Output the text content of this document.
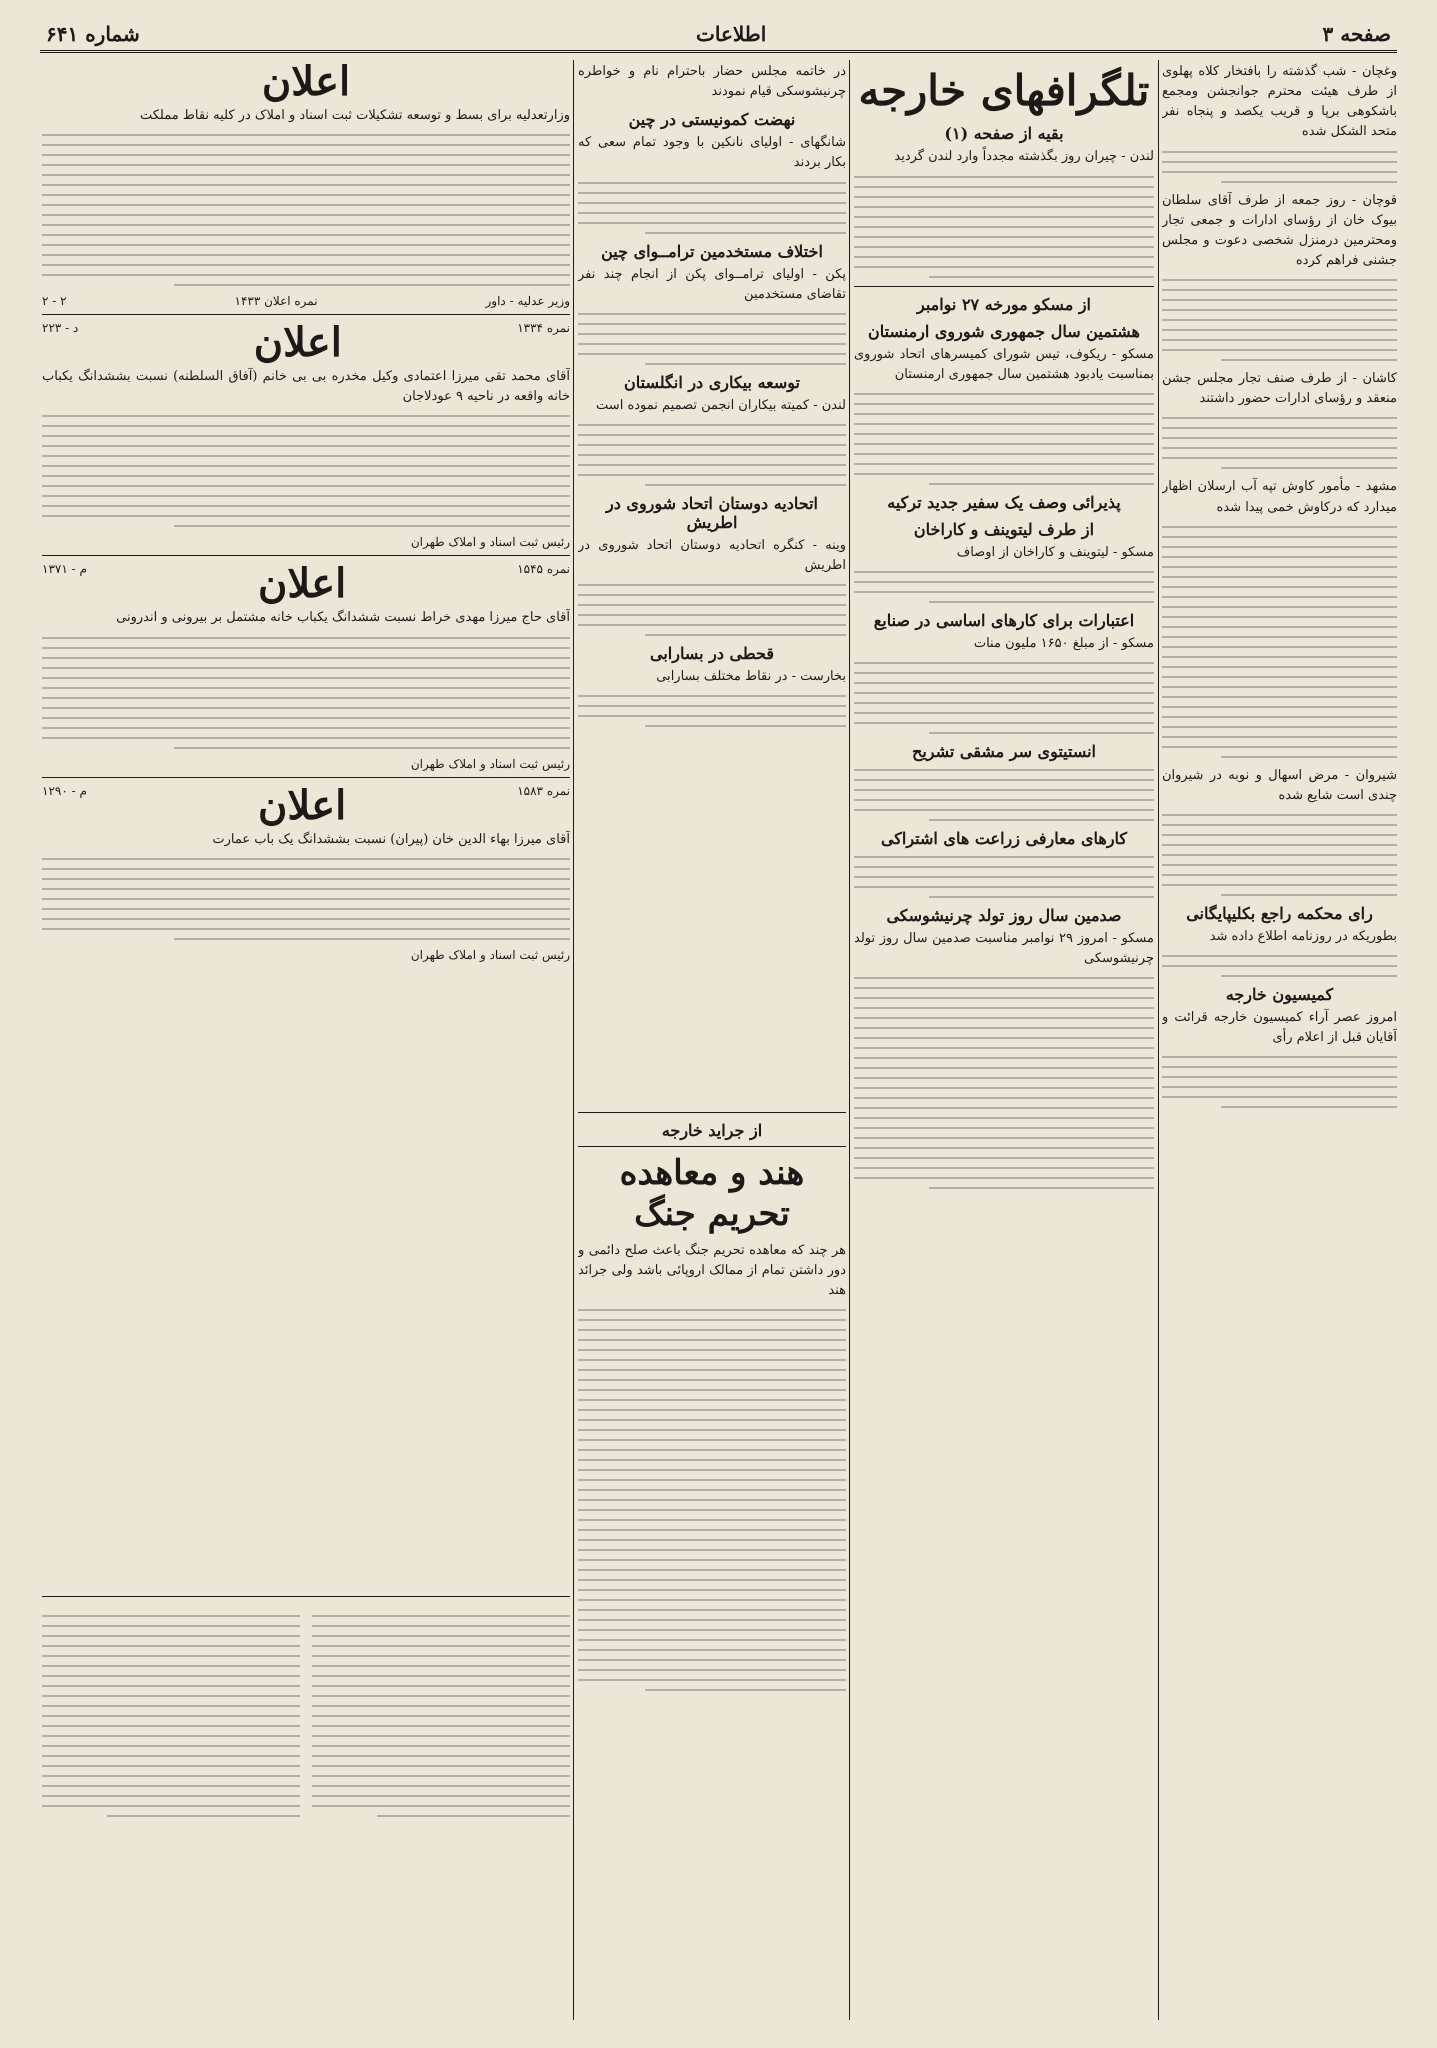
صفحه ۳
اطلاعات
شماره ۶۴۱

وغچان - شب گذشته را بافتخار کلاه پهلوی از طرف هیئت محترم جوانجشن ومجمع باشکوهی برپا و قریب یکصد و پنجاه نفر متحد الشکل شده

قوچان - روز جمعه از طرف آقای سلطان بیوک خان از رؤسای ادارات و جمعی تجار ومحترمین درمنزل شخصی دعوت و مجلس جشنی فراهم کرده

کاشان - از طرف صنف تجار مجلس جشن منعقد و رؤسای ادارات حضور داشتند

مشهد - مأمور کاوش تپه آب ارسلان اظهار میدارد که درکاوش خمی پیدا شده

شیروان - مرض اسهال و نوبه در شیروان چندی است شایع شده

رای محکمه راجع بکلیپایگانی

بطوریکه در روزنامه اطلاع داده شد

کمیسیون خارجه

امروز عصر آراء کمیسیون خارجه قرائت و آقایان قبل از اعلام رأی

تلگرافهای خارجه
بقیه از صفحه (۱)

لندن - چیران روز بگذشته مجدداً وارد لندن گردید

از مسکو مورخه ۲۷ نوامبر
هشتمین سال جمهوری شوروی ارمنستان

مسکو - ریکوف، تیس شورای کمیسرهای اتحاد شوروی بمناسبت یادبود هشتمین سال جمهوری ارمنستان

پذیرائی وصف یک سفیر جدید ترکیه
از طرف لیتوینف و کاراخان

مسکو - لیتوینف و کاراخان از اوصاف

اعتبارات برای کارهای اساسی در صنایع

مسکو - از مبلغ ۱۶۵۰ ملیون منات

انستیتوی سر مشقی تشریح
کارهای معارفی زراعت های اشتراکی
صدمین سال روز تولد چرنیشوسکی

مسکو - امروز ۲۹ نوامبر مناسبت صدمین سال روز تولد چرنیشوسکی

در خاتمه مجلس حضار باحترام نام و خواطره چرنیشوسکی قیام نمودند

نهضت کمونیستی در چین

شانگهای - اولیای نانکین با وجود تمام سعی که بکار بردند

اختلاف مستخدمین ترامــوای چین

پکن - اولیای ترامــوای پکن از انجام چند نفر تقاضای مستخدمین

توسعه بیکاری در انگلستان

لندن - کمیته بیکاران انجمن تصمیم نموده است

اتحادیه دوستان اتحاد شوروی در اطریش

وینه - کنگره اتحادیه دوستان اتحاد شوروی در اطریش

قحطی در بسارابی

بخارست - در نقاط مختلف بسارابی

از جراید خارجه
هند و معاهده تحریم جنگ

هر چند که معاهده تحریم جنگ باعث صلح دائمی و دور داشتن تمام از ممالک اروپائی باشد ولی جرائد هند

اعلان

وزارتعدلیه برای بسط و توسعه تشکیلات ثبت اسناد و املاک در کلیه نقاط مملکت

وزیر عدلیه - داور
نمره اعلان ۱۴۳۳
۲ - ۲
نمره ۱۳۳۴
اعلان
د - ۲۲۳

آقای محمد تقی میرزا اعتمادی وکیل مخدره بی بی خانم (آفاق السلطنه) نسبت بششدانگ یکباب خانه واقعه در ناحیه ۹ عودلاجان

رئیس ثبت اسناد و املاک طهران
نمره ۱۵۴۵
اعلان
م - ۱۳۷۱

آقای حاج میرزا مهدی خراط نسبت ششدانگ یکباب خانه مشتمل بر بیرونی و اندرونی

رئیس ثبت اسناد و املاک طهران
نمره ۱۵۸۳
اعلان
م - ۱۲۹۰

آقای میرزا بهاء الدین خان (پیران) نسبت بششدانگ یک باب عمارت

رئیس ثبت اسناد و املاک طهران
